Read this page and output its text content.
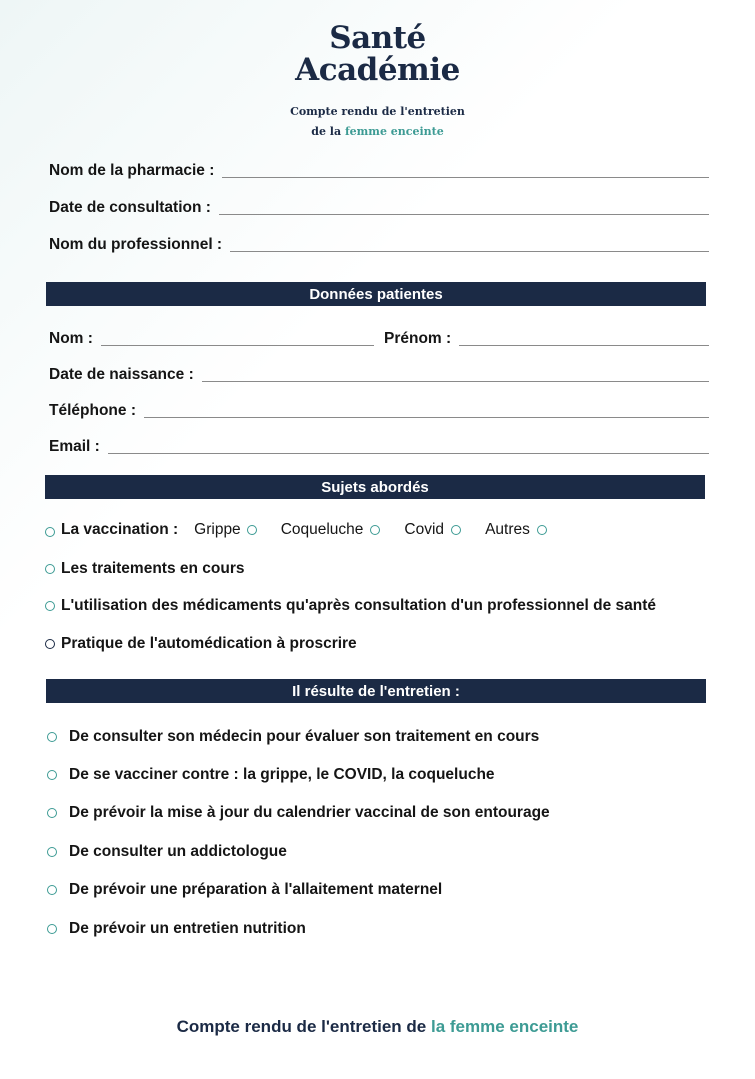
Santé
Académie
Compte rendu de l'entretien
de la femme enceinte
Nom de la pharmacie :
Date de consultation :
Nom du professionnel :
Données patientes
Nom :	Prénom :
Date de naissance :
Téléphone :
Email :
Sujets abordés
La vaccination : Grippe	Coqueluche	Covid	Autres
Les traitements en cours
L'utilisation des médicaments qu'après consultation d'un professionnel de santé
Pratique de l'automédication à proscrire
Il résulte de l'entretien :
De consulter son médecin pour évaluer son traitement en cours
De se vacciner contre : la grippe, le COVID, la coqueluche
De prévoir la mise à jour du calendrier vaccinal de son entourage
De consulter un addictologue
De prévoir une préparation à l'allaitement maternel
De prévoir un entretien nutrition
Compte rendu de l'entretien de la femme enceinte
